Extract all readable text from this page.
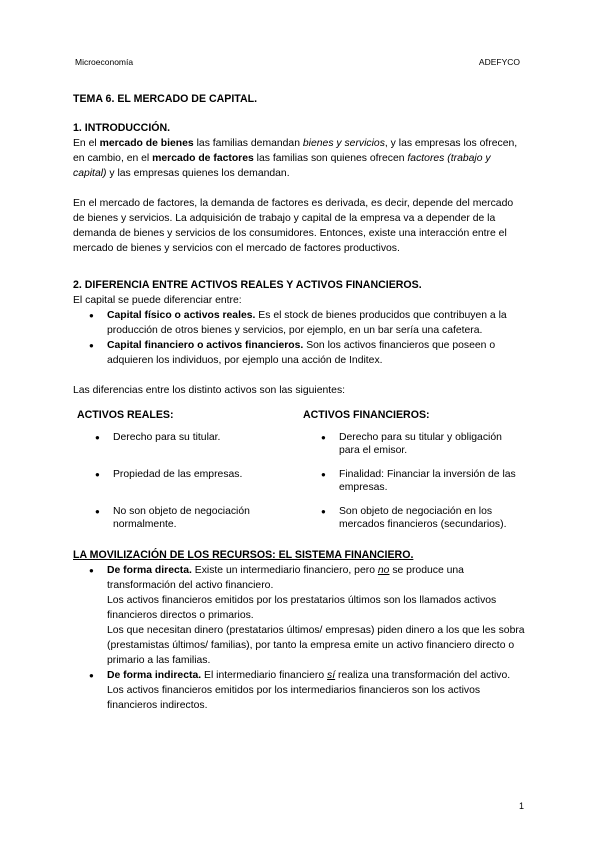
Microeconomía	ADEFYCO
TEMA 6. EL MERCADO DE CAPITAL.
1. INTRODUCCIÓN.

En el mercado de bienes las familias demandan bienes y servicios, y las empresas los ofrecen, en cambio, en el mercado de factores las familias son quienes ofrecen factores (trabajo y capital) y las empresas quienes los demandan.

En el mercado de factores, la demanda de factores es derivada, es decir, depende del mercado de bienes y servicios. La adquisición de trabajo y capital de la empresa va a depender de la demanda de bienes y servicios de los consumidores. Entonces, existe una interacción entre el mercado de bienes y servicios con el mercado de factores productivos.

2. DIFERENCIA ENTRE ACTIVOS REALES Y ACTIVOS FINANCIEROS.

El capital se puede diferenciar entre:

● Capital físico o activos reales. Es el stock de bienes producidos que contribuyen a la producción de otros bienes y servicios, por ejemplo, en un bar sería una cafetera.
● Capital financiero o activos financieros. Son los activos financieros que poseen o adquieren los individuos, por ejemplo una acción de Inditex.

Las diferencias entre los distinto activos son las siguientes:

ACTIVOS REALES:
● Derecho para su titular.
● Propiedad de las empresas.
● No son objeto de negociación normalmente.
ACTIVOS FINANCIEROS:
● Derecho para su titular y obligación para el emisor.
● Finalidad: Financiar la inversión de las empresas.
● Son objeto de negociación en los mercados financieros (secundarios).
LA MOVILIZACIÓN DE LOS RECURSOS: EL SISTEMA FINANCIERO.
● De forma directa. Existe un intermediario financiero, pero no se produce una transformación del activo financiero.

Los activos financieros emitidos por los prestatarios últimos son los llamados activos financieros directos o primarios.

Los que necesitan dinero (prestatarios últimos/ empresas) piden dinero a los que les sobra (prestamistas últimos/ familias), por tanto la empresa emite un activo financiero directo o primario a las familias.

● De forma indirecta. El intermediario financiero sí realiza una transformación del activo.

Los activos financieros emitidos por los intermediarios financieros son los activos financieros indirectos.

1
